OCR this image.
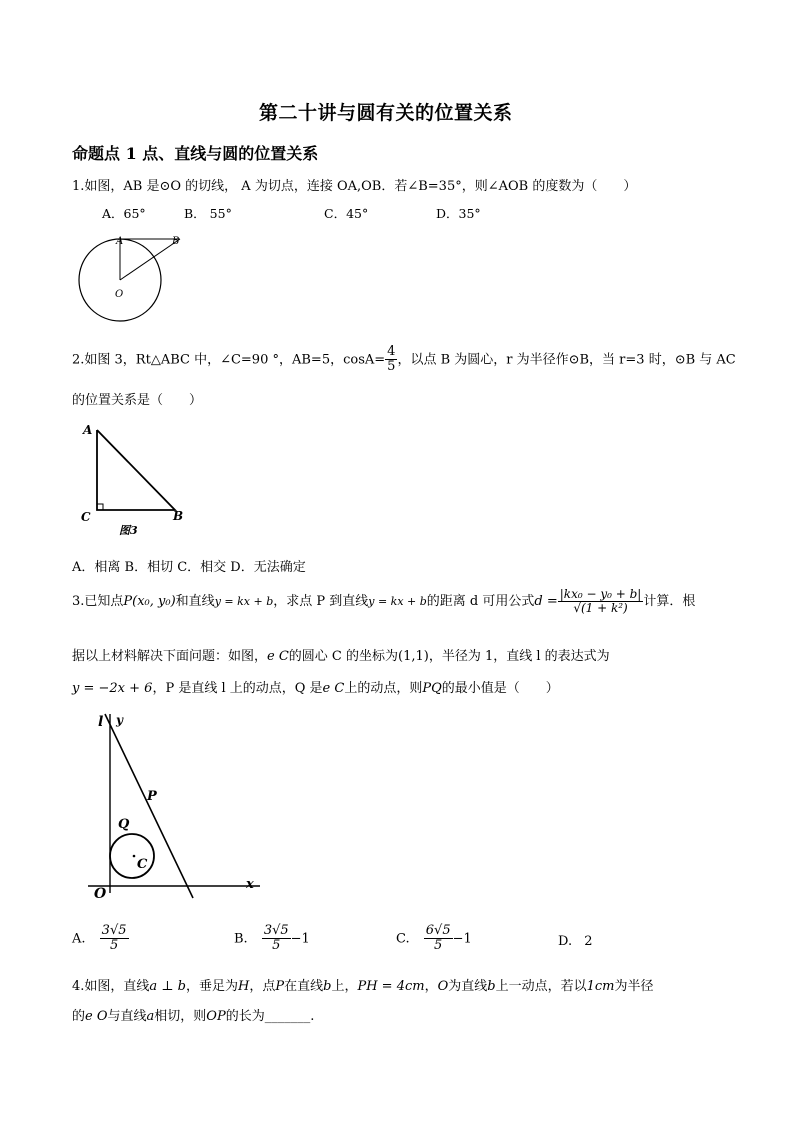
第二十讲与圆有关的位置关系
命题点 1 点、直线与圆的位置关系
1.如图，AB 是⊙O 的切线， A 为切点，连接 OA,OB．若∠B=35°，则∠AOB 的度数为（　　）
A．65°	B． 55°	C．45°	D．35°
A	B
O
2.如图 3，Rt△ABC 中，∠C=90 °，AB=5，$\cos A= \frac{4}{5}$ ，以点 B 为圆心，r 为半径作⊙B，当 r=3 时，⊙B 与 AC
的位置关系是（　　）
A
C	B
图3
A．相离 B．相切 C．相交 D．无法确定
3.已知点P(x₀, y₀)和直线y = kx + b，求点 P 到直线y = kx + b的距离 d 可用公式$d = \frac{\text{|kx₀ − y₀ + b|}}{\text{√(1 + k²)}}$ 计算．根
据以上材料解决下面问题：如图，e C的圆心 C 的坐标为(1,1)，半径为 1，直线 l 的表达式为
y = −2x + 6，P 是直线 l 上的动点，Q 是e C上的动点，则PQ的最小值是（　　）
l y
P
Q
C
O
x
A. $\frac{3√5}{5}$	B. $\frac{3√5}{5} -1$	C. $\frac{6√5}{5} -1$	D. 2
4.如图，直线a ⊥ b，垂足为H，点P在直线b上，PH = 4cm，O为直线b上一动点，若以1cm为半径
的e O与直线a相切，则OP的长为_______.
